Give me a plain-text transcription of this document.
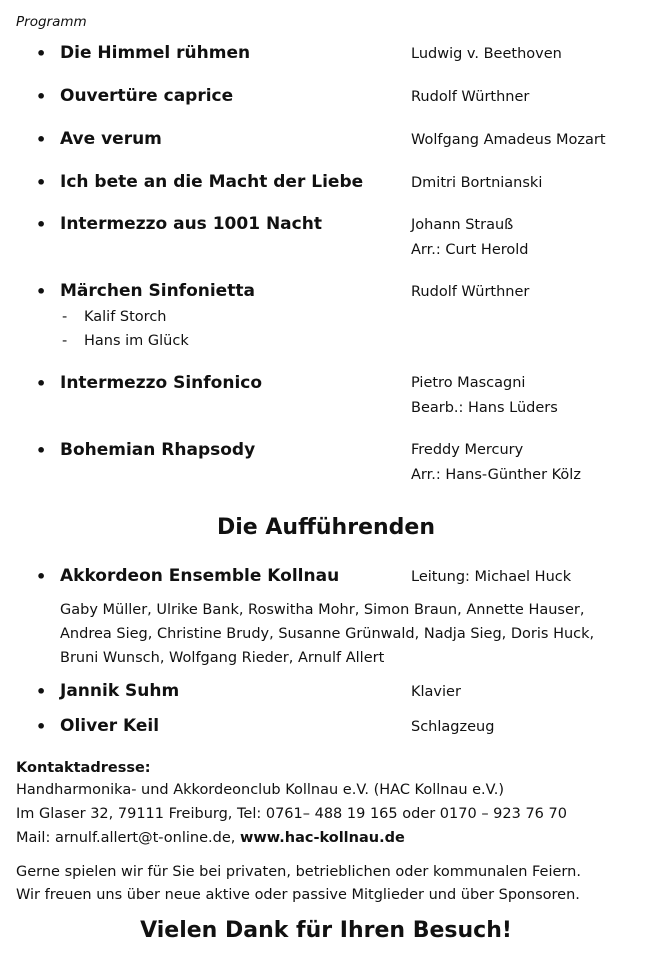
Programm
• Die Himmel rühmen	Ludwig v. Beethoven
• Ouvertüre caprice	Rudolf Würthner
• Ave verum	Wolfgang Amadeus Mozart
• Ich bete an die Macht der Liebe	Dmitri Bortnianski
• Intermezzo aus 1001 Nacht	Johann Strauß
Arr.: Curt Herold
• Märchen Sinfonietta	Rudolf Würthner
- Kalif Storch
- Hans im Glück
• Intermezzo Sinfonico	Pietro Mascagni
Bearb.: Hans Lüders
• Bohemian Rhapsody	Freddy Mercury
Arr.: Hans-Günther Kölz
Die Aufführenden
• Akkordeon Ensemble Kollnau	Leitung: Michael Huck
Gaby Müller, Ulrike Bank, Roswitha Mohr, Simon Braun, Annette Hauser, Andrea Sieg, Christine Brudy, Susanne Grünwald, Nadja Sieg, Doris Huck, Bruni Wunsch, Wolfgang Rieder, Arnulf Allert
• Jannik Suhm	Klavier
• Oliver Keil	Schlagzeug
Kontaktadresse:
Handharmonika- und Akkordeonclub Kollnau e.V. (HAC Kollnau e.V.)
Im Glaser 32, 79111 Freiburg, Tel: 0761– 488 19 165 oder 0170 – 923 76 70
Mail: arnulf.allert@t-online.de, www.hac-kollnau.de
Gerne spielen wir für Sie bei privaten, betrieblichen oder kommunalen Feiern.
Wir freuen uns über neue aktive oder passive Mitglieder und über Sponsoren.
Vielen Dank für Ihren Besuch!
